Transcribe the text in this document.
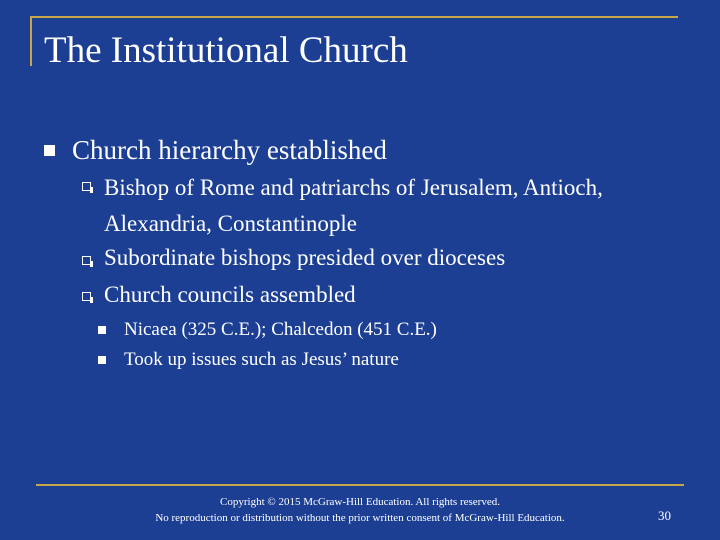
The Institutional Church
Church hierarchy established
Bishop of Rome and patriarchs of Jerusalem, Antioch, Alexandria, Constantinople
Subordinate bishops presided over dioceses
Church councils assembled
Nicaea (325 C.E.); Chalcedon (451 C.E.)
Took up issues such as Jesus’ nature
Copyright © 2015 McGraw-Hill Education. All rights reserved.
No reproduction or distribution without the prior written consent of McGraw-Hill Education.	30
